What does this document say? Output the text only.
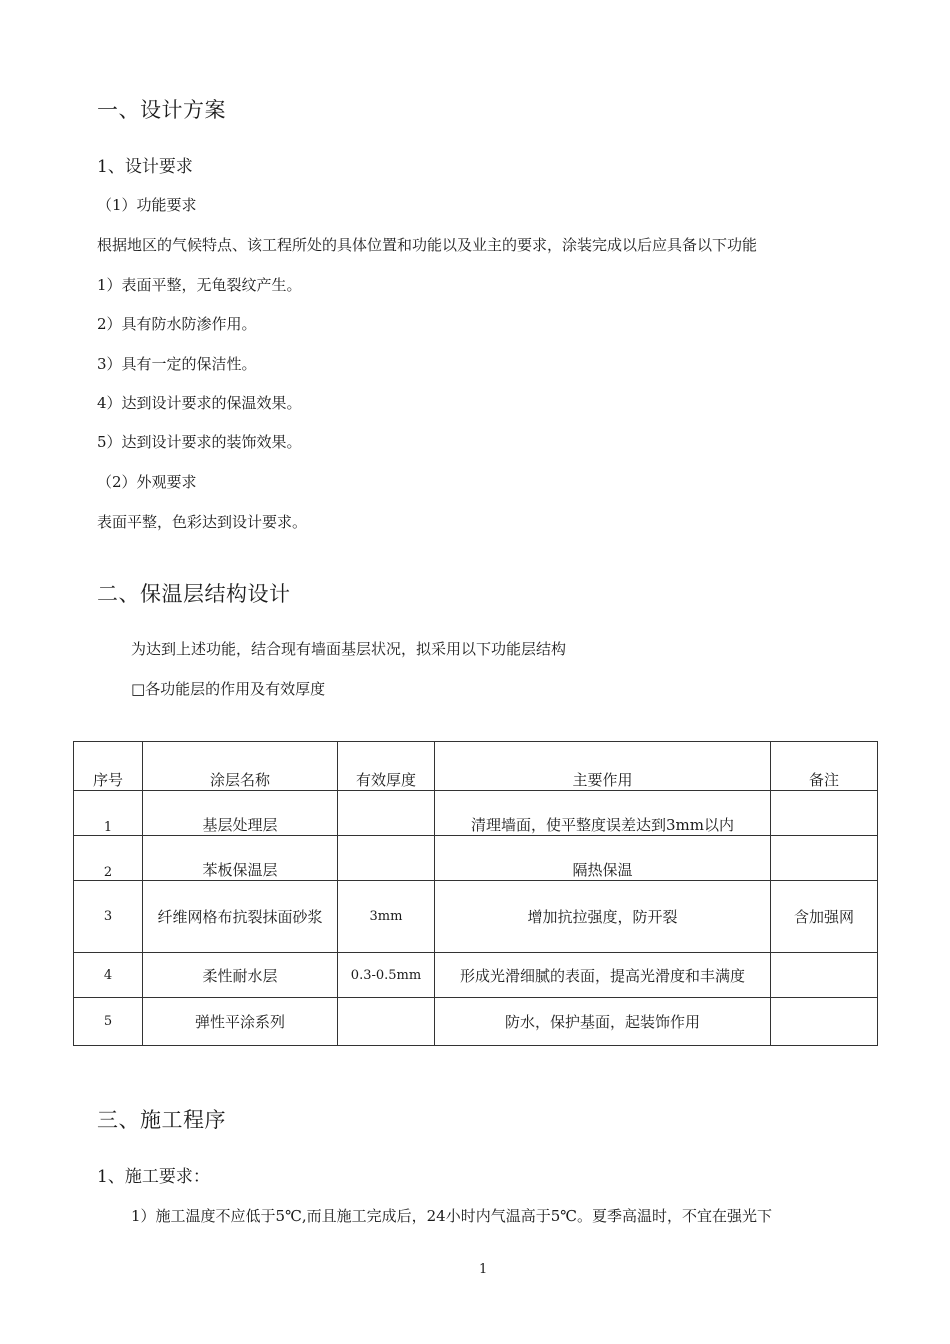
一、设计方案
1、设计要求
（1）功能要求
根据地区的气候特点、该工程所处的具体位置和功能以及业主的要求，涂装完成以后应具备以下功能
1）表面平整，无龟裂纹产生。
2）具有防水防渗作用。
3）具有一定的保洁性。
4）达到设计要求的保温效果。
5）达到设计要求的装饰效果。
（2）外观要求
表面平整，色彩达到设计要求。
二、保温层结构设计
为达到上述功能，结合现有墙面基层状况，拟采用以下功能层结构
□各功能层的作用及有效厚度
序号	涂层名称	有效厚度	主要作用	备注
1	基层处理层		清理墙面，使平整度误差达到3mm以内	
2	苯板保温层		隔热保温	
3	纤维网格布抗裂抹面砂浆	3mm	增加抗拉强度，防开裂	含加强网
4	柔性耐水层	0.3-0.5mm	形成光滑细腻的表面，提高光滑度和丰满度	
5	弹性平涂系列		防水，保护基面，起装饰作用	
三、施工程序
1、施工要求：
1）施工温度不应低于5℃,而且施工完成后，24小时内气温高于5℃。夏季高温时，不宜在强光下
1
